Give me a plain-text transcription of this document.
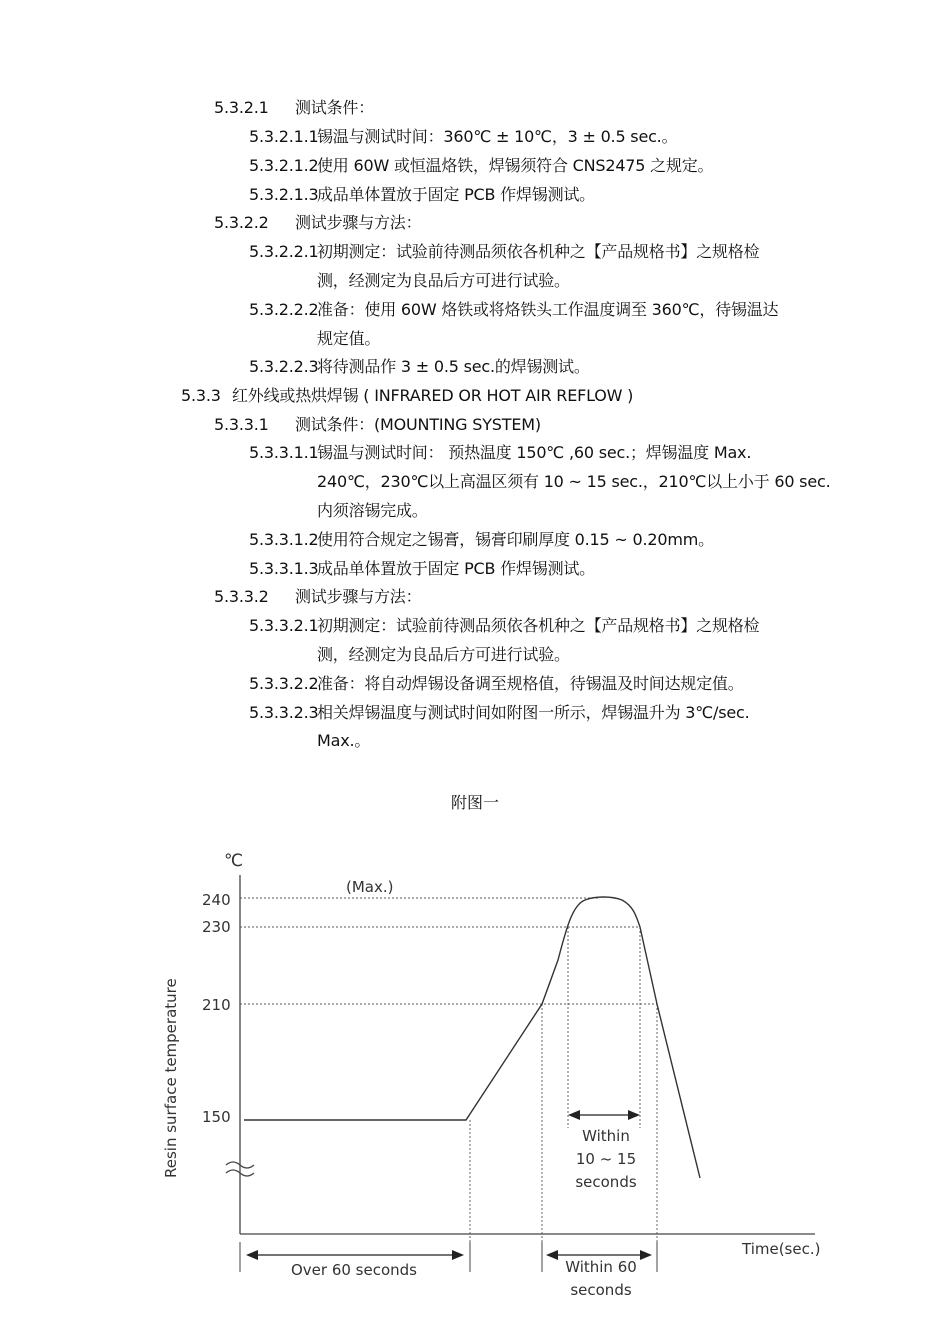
5.3.2.1 测试条件：
5.3.2.1.1
锡温与测试时间：360℃ ± 10℃，3 ± 0.5 sec.。
5.3.2.1.2
使用 60W 或恒温烙铁，焊锡须符合 CNS2475 之规定。
5.3.2.1.3
成品单体置放于固定 PCB 作焊锡测试。
5.3.2.2 测试步骤与方法：
5.3.2.2.1
初期测定：试验前待测品须依各机种之【产品规格书】之规格检
测，经测定为良品后方可进行试验。
5.3.2.2.2
准备：使用 60W 烙铁或将烙铁头工作温度调至 360℃，待锡温达
规定值。
5.3.2.2.3
将待测品作 3 ± 0.5 sec.的焊锡测试。
5.3.3 红外线或热烘焊锡 ( INFRARED OR HOT AIR REFLOW )
5.3.3.1 测试条件：(MOUNTING SYSTEM)
5.3.3.1.1
锡温与测试时间： 预热温度 150℃ ,60 sec.；焊锡温度 Max.
240℃，230℃以上高温区须有 10 ~ 15 sec.，210℃以上小于 60 sec.
内须溶锡完成。
5.3.3.1.2
使用符合规定之锡膏，锡膏印刷厚度 0.15 ~ 0.20mm。
5.3.3.1.3
成品单体置放于固定 PCB 作焊锡测试。
5.3.3.2 测试步骤与方法：
5.3.3.2.1
初期测定：试验前待测品须依各机种之【产品规格书】之规格检
测，经测定为良品后方可进行试验。
5.3.3.2.2
准备：将自动焊锡设备调至规格值，待锡温及时间达规定值。
5.3.3.2.3
相关焊锡温度与测试时间如附图一所示，焊锡温升为 3℃/sec.
Max.。
附图一
℃
Resin surface temperature
240
230
210
150
(Max.)
Within
10 ~ 15
seconds
Over 60 seconds	Within 60
seconds
Time(sec.)
